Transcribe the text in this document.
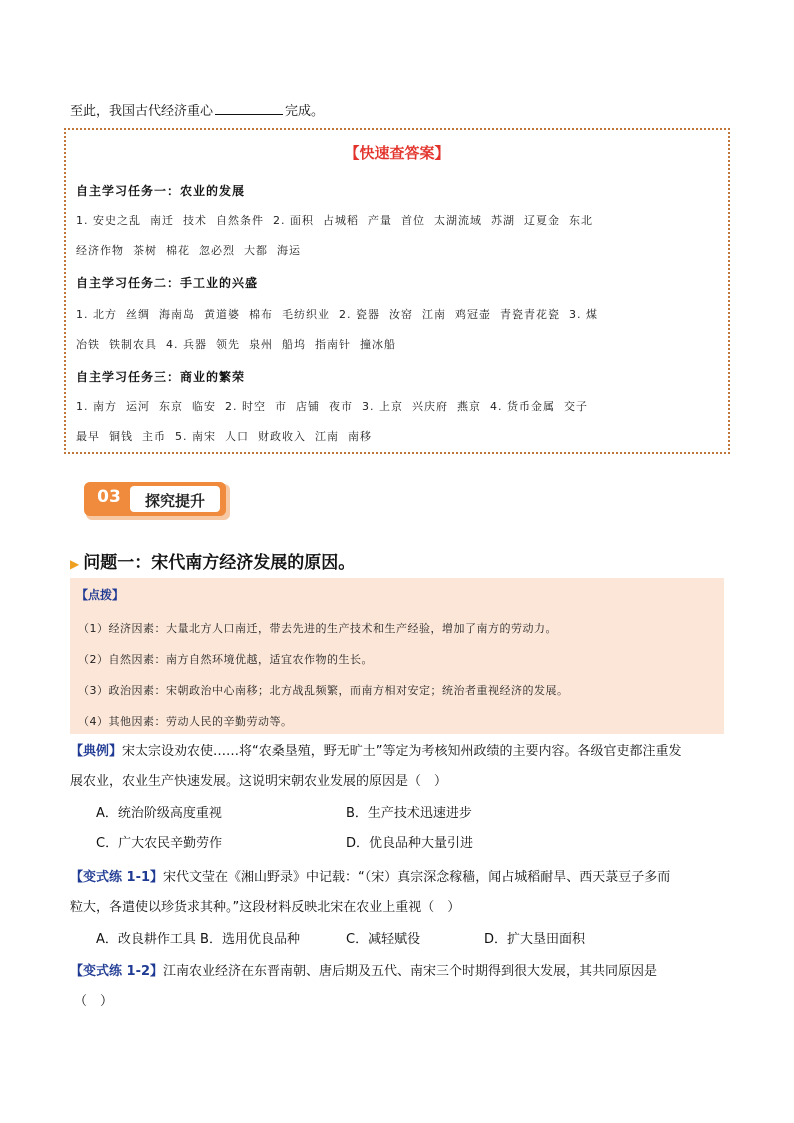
至此，我国古代经济重心	完成。
【快速查答案】
自主学习任务一：农业的发展
1. 安史之乱 南迁 技术 自然条件 2. 面积 占城稻 产量 首位 太湖流域 苏湖 辽夏金 东北
经济作物 茶树 棉花 忽必烈 大都 海运
自主学习任务二：手工业的兴盛
1. 北方 丝绸 海南岛 黄道婆 棉布 毛纺织业 2. 瓷器 汝窑 江南 鸡冠壶 青瓷青花瓷 3. 煤
冶铁 铁制农具 4. 兵器 领先 泉州 船坞 指南针 撞冰船
自主学习任务三：商业的繁荣
1. 南方 运河 东京 临安 2. 时空 市 店铺 夜市 3. 上京 兴庆府 燕京 4. 货币金属 交子
最早 铜钱 主币 5. 南宋 人口 财政收入 江南 南移
03	探究提升
▶ 问题一：宋代南方经济发展的原因。
【点拨】
（1）经济因素：大量北方人口南迁，带去先进的生产技术和生产经验，增加了南方的劳动力。
（2）自然因素：南方自然环境优越，适宜农作物的生长。
（3）政治因素：宋朝政治中心南移；北方战乱频繁，而南方相对安定；统治者重视经济的发展。
（4）其他因素：劳动人民的辛勤劳动等。
【典例】宋太宗设劝农使……将“农桑垦殖，野无旷土”等定为考核知州政绩的主要内容。各级官吏都注重发
展农业，农业生产快速发展。这说明宋朝农业发展的原因是（　）
A．统治阶级高度重视	B．生产技术迅速进步
C．广大农民辛勤劳作	D．优良品种大量引进
【变式练 1-1】宋代文莹在《湘山野录》中记载：“（宋）真宗深念稼穑，闻占城稻耐旱、西天菉豆子多而
粒大，各遣使以珍货求其种。”这段材料反映北宋在农业上重视（　）
A．改良耕作工具 B．选用优良品种	C．减轻赋役	D．扩大垦田面积
【变式练 1-2】江南农业经济在东晋南朝、唐后期及五代、南宋三个时期得到很大发展，其共同原因是
（　）
